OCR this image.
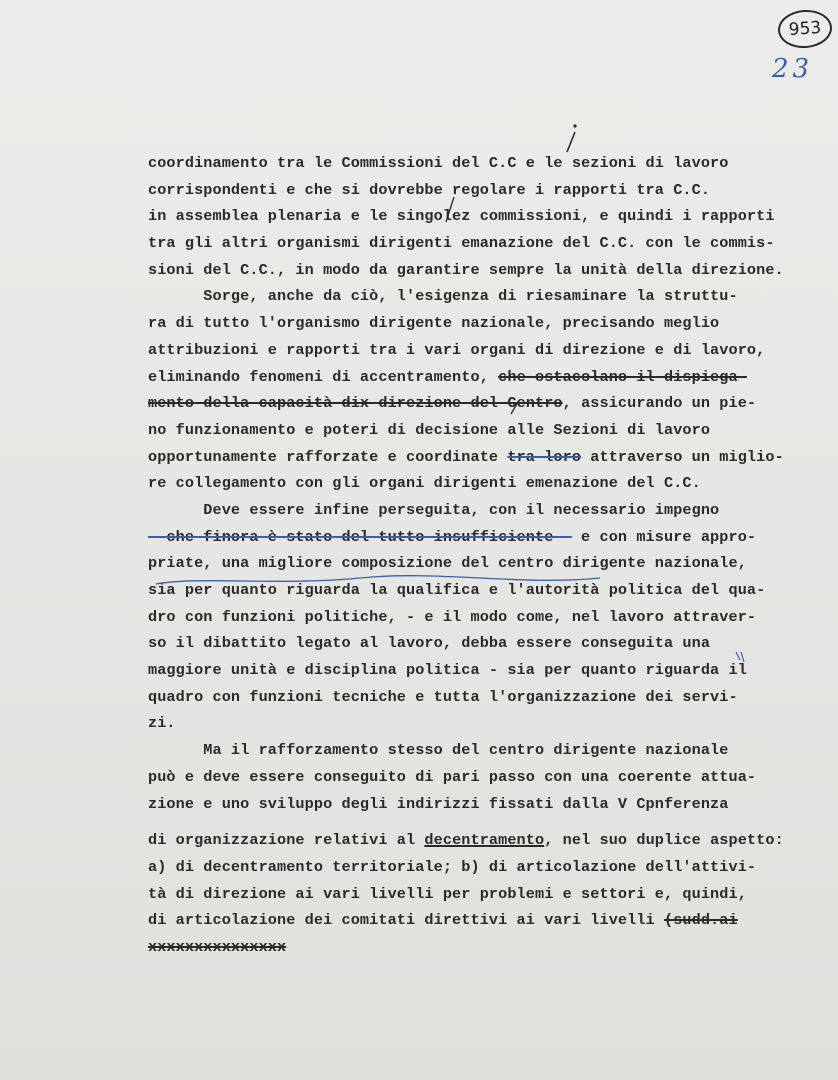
953
23
coordinamento tra le Commissioni del C.C e le sezioni di lavoro
corrispondenti e che si dovrebbe regolare i rapporti tra C.C.
in assemblea plenaria e le singolez commissioni, e quindi i rapporti
tra gli altri organismi dirigenti emanazione del C.C. con le commis-
sioni del C.C., in modo da garantire sempre la unità della direzione.
Sorge, anche da ciò, l'esigenza di riesaminare la struttu-
ra di tutto l'organismo dirigente nazionale, precisando meglio
attribuzioni e rapporti tra i vari organi di direzione e di lavoro,
eliminando fenomeni di accentramento, che ostacolano il dispiega-
mento della capacità dix direzione del Centro, assicurando un pie-
no funzionamento e poteri di decisione alle Sezioni di lavoro
opportunamente rafforzate e coordinate tra loro attraverso un miglio-
re collegamento con gli organi dirigenti emenazione del C.C.
Deve essere infine perseguita, con il necessario impegno
- che finora è stato del tutto insufficiente - e con misure appro-
priate, una migliore composizione del centro dirigente nazionale,
sia per quanto riguarda la qualifica e l'autorità politica del qua-
dro con funzioni politiche, - e il modo come, nel lavoro attraver-
so il dibattito legato al lavoro, debba essere conseguita una
maggiore unità e disciplina politica - sia per quanto riguarda il
quadro con funzioni tecniche e tutta l'organizzazione dei servi-
zi.
Ma il rafforzamento stesso del centro dirigente nazionale
può e deve essere conseguito di pari passo con una coerente attua-
zione e uno sviluppo degli indirizzi fissati dalla V Cpnferenza
di organizzazione relativi al decentramento, nel suo duplice aspetto:
a) di decentramento territoriale; b) di articolazione dell'attivi-
tà di direzione ai vari livelli per problemi e settori e, quindi,
di articolazione dei comitati direttivi ai vari livelli (sudd.ai
xxxxxxxxxxxxxxx
